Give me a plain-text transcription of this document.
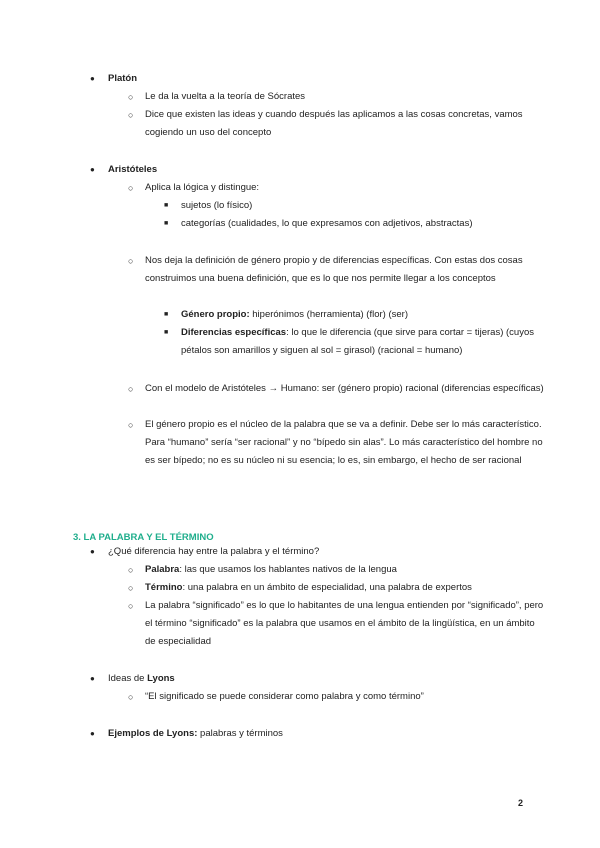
● Platón
○ Le da la vuelta a la teoría de Sócrates
○ Dice que existen las ideas y cuando después las aplicamos a las cosas concretas, vamos cogiendo un uso del concepto
● Aristóteles
○ Aplica la lógica y distingue:
■ sujetos (lo físico)
■ categorías (cualidades, lo que expresamos con adjetivos, abstractas)
○ Nos deja la definición de género propio y de diferencias específicas. Con estas dos cosas construimos una buena definición, que es lo que nos permite llegar a los conceptos
■ Género propio: hiperónimos (herramienta) (flor) (ser)
■ Diferencias específicas: lo que le diferencia (que sirve para cortar = tijeras) (cuyos pétalos son amarillos y siguen al sol = girasol) (racional = humano)
○ Con el modelo de Aristóteles → Humano: ser (género propio) racional (diferencias específicas)
○ El género propio es el núcleo de la palabra que se va a definir. Debe ser lo más característico. Para “humano” sería “ser racional” y no “bípedo sin alas”. Lo más característico del hombre no es ser bípedo; no es su núcleo ni su esencia; lo es, sin embargo, el hecho de ser racional
3. LA PALABRA Y EL TÉRMINO
● ¿Qué diferencia hay entre la palabra y el término?
○ Palabra: las que usamos los hablantes nativos de la lengua
○ Término: una palabra en un ámbito de especialidad, una palabra de expertos
○ La palabra “significado” es lo que lo habitantes de una lengua entienden por “significado”, pero el término “significado” es la palabra que usamos en el ámbito de la lingüística, en un ámbito de especialidad
● Ideas de Lyons
○ “El significado se puede considerar como palabra y como término”
● Ejemplos de Lyons: palabras y términos
2
